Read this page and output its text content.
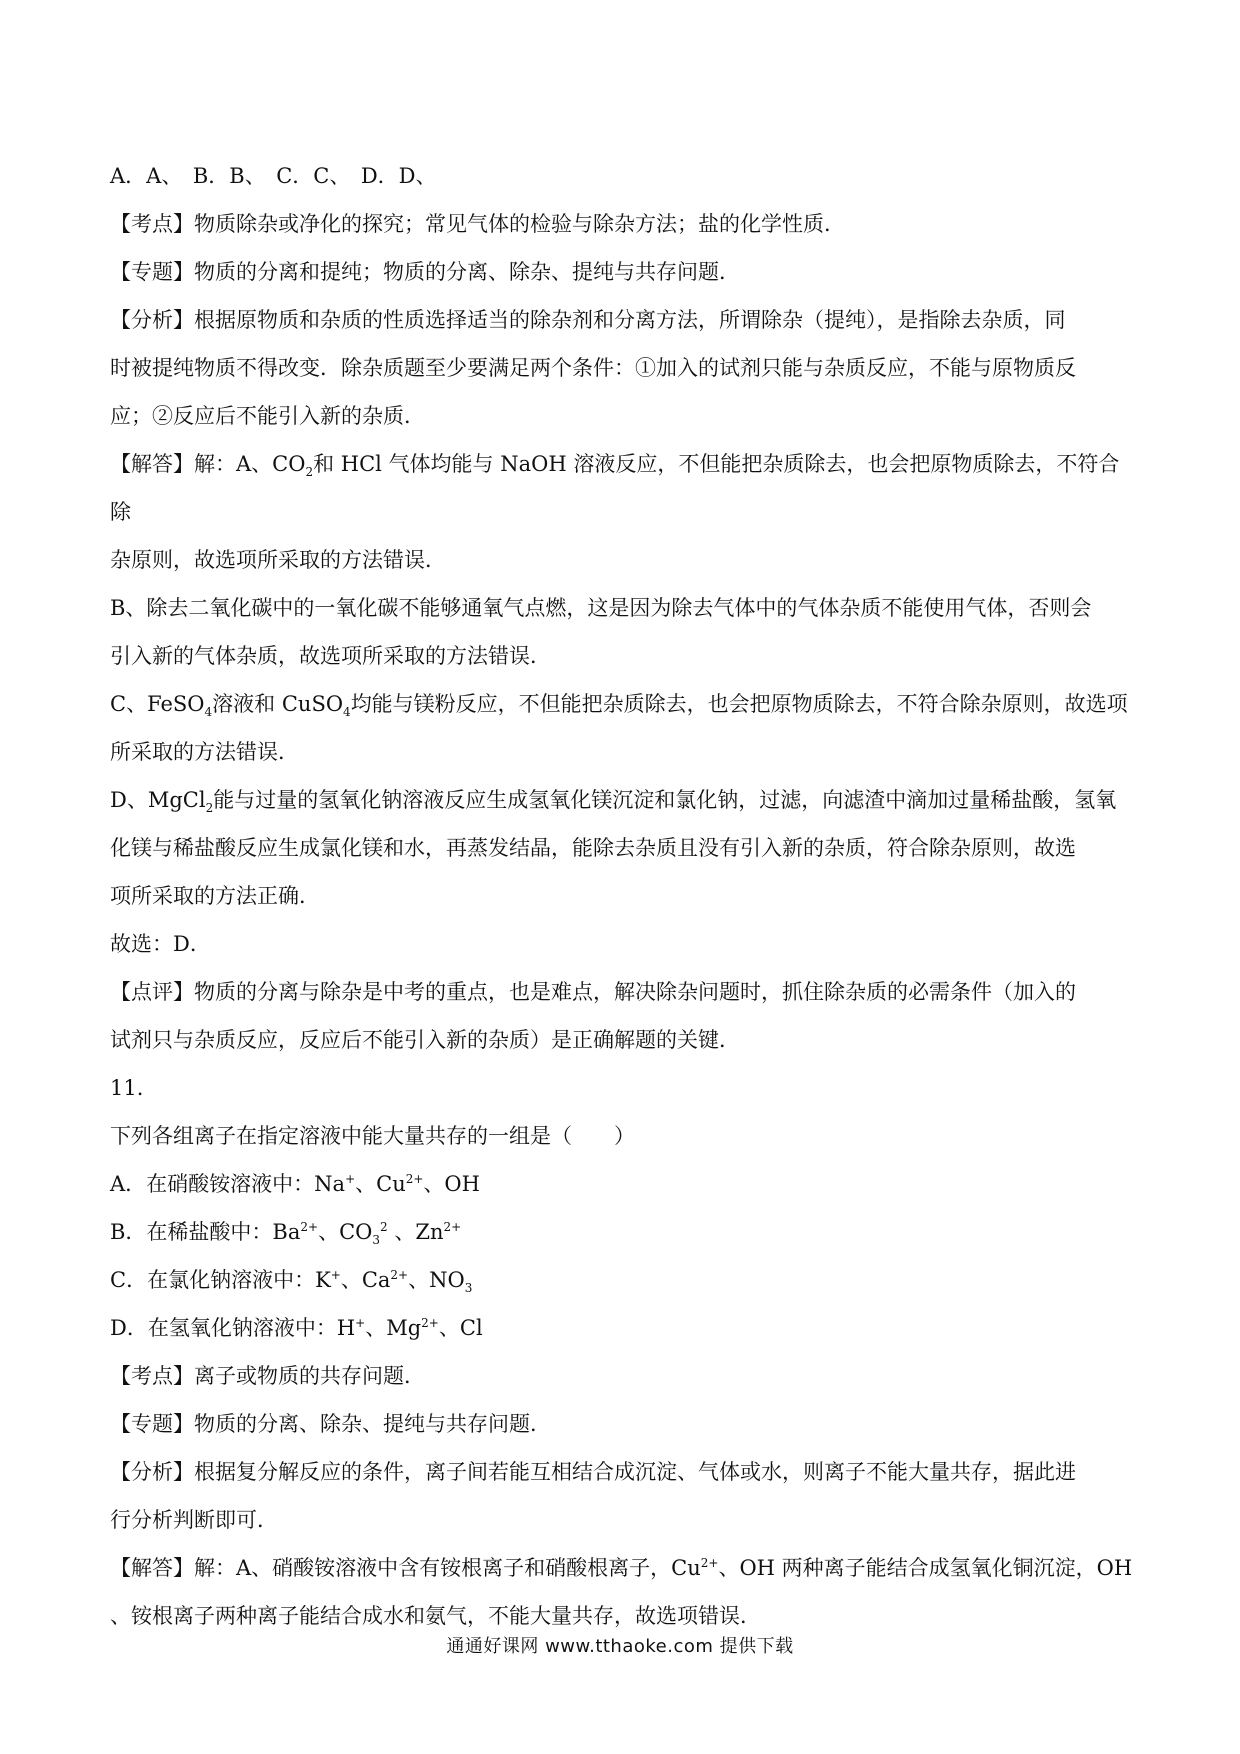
A．A、　B．B、　C．C、　D．D、
【考点】物质除杂或净化的探究；常见气体的检验与除杂方法；盐的化学性质．
【专题】物质的分离和提纯；物质的分离、除杂、提纯与共存问题．
【分析】根据原物质和杂质的性质选择适当的除杂剂和分离方法，所谓除杂（提纯），是指除去杂质，同
时被提纯物质不得改变．除杂质题至少要满足两个条件：①加入的试剂只能与杂质反应，不能与原物质反
应；②反应后不能引入新的杂质．
【解答】解：A、$CO_2$和 HCl 气体均能与 NaOH 溶液反应，不但能把杂质除去，也会把原物质除去，不符合除
杂原则，故选项所采取的方法错误．
B、除去二氧化碳中的一氧化碳不能够通氧气点燃，这是因为除去气体中的气体杂质不能使用气体，否则会
引入新的气体杂质，故选项所采取的方法错误．
C、FeSO$_4$溶液和 CuSO$_4$均能与镁粉反应，不但能把杂质除去，也会把原物质除去，不符合除杂原则，故选项
所采取的方法错误．
D、MgCl$_2$能与过量的氢氧化钠溶液反应生成氢氧化镁沉淀和氯化钠，过滤，向滤渣中滴加过量稀盐酸，氢氧
化镁与稀盐酸反应生成氯化镁和水，再蒸发结晶，能除去杂质且没有引入新的杂质，符合除杂原则，故选
项所采取的方法正确．
故选：D．
【点评】物质的分离与除杂是中考的重点，也是难点，解决除杂问题时，抓住除杂质的必需条件（加入的
试剂只与杂质反应，反应后不能引入新的杂质）是正确解题的关键．
11.
下列各组离子在指定溶液中能大量共存的一组是（　　）
A．在硝酸铵溶液中：Na+、$Cu^{2+}$、OH
B．在稀盐酸中：$Ba^{2+}$、$CO_3^2$ 、$Zn^{2+}$
C．在氯化钠溶液中：K+、$Ca^{2+}$、$NO_3$
D．在氢氧化钠溶液中：H+、$Mg^{2+}$、Cl
【考点】离子或物质的共存问题．
【专题】物质的分离、除杂、提纯与共存问题．
【分析】根据复分解反应的条件，离子间若能互相结合成沉淀、气体或水，则离子不能大量共存，据此进
行分析判断即可．
【解答】解：A、硝酸铵溶液中含有铵根离子和硝酸根离子，$Cu^{2+}$、OH 两种离子能结合成氢氧化铜沉淀，OH
、铵根离子两种离子能结合成水和氨气，不能大量共存，故选项错误．
通通好课网 www.tthaoke.com 提供下载
